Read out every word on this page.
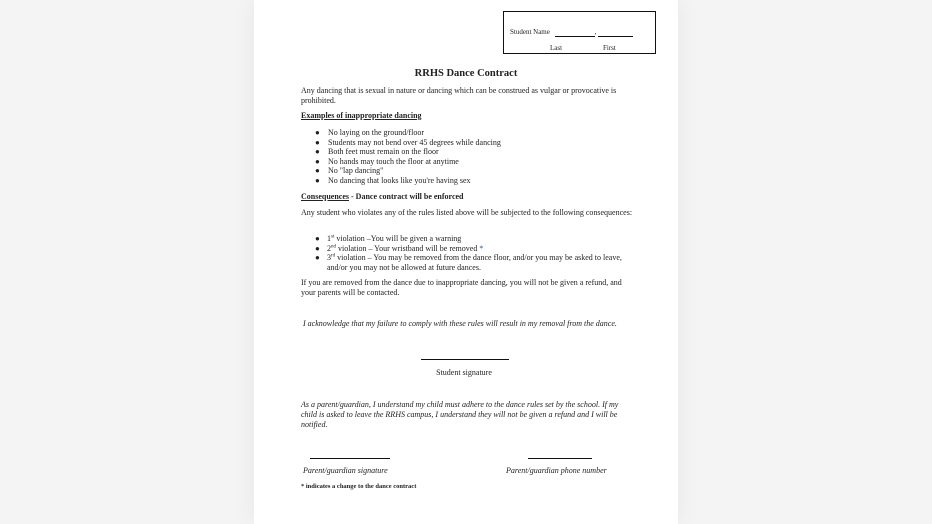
Student Name	,
Last	First
RRHS Dance Contract
Any dancing that is sexual in nature or dancing which can be construed as vulgar or provocative is prohibited.
Examples of inappropriate dancing
● No laying on the ground/floor
● Students may not bend over 45 degrees while dancing
● Both feet must remain on the floor
● No hands may touch the floor at anytime
● No "lap dancing"
● No dancing that looks like you're having sex
Consequences - Dance contract will be enforced
Any student who violates any of the rules listed above will be subjected to the following consequences:
● 1st violation –You will be given a warning
● 2nd violation – Your wristband will be removed *
● 3rd violation – You may be removed from the dance floor, and/or you may be asked to leave, and/or you may not be allowed at future dances.
If you are removed from the dance due to inappropriate dancing, you will not be given a refund, and your parents will be contacted.
I acknowledge that my failure to comply with these rules will result in my removal from the dance.
Student signature
As a parent/guardian, I understand my child must adhere to the dance rules set by the school. If my child is asked to leave the RRHS campus, I understand they will not be given a refund and I will be notified.
Parent/guardian signature	Parent/guardian phone number
* indicates a change to the dance contract
